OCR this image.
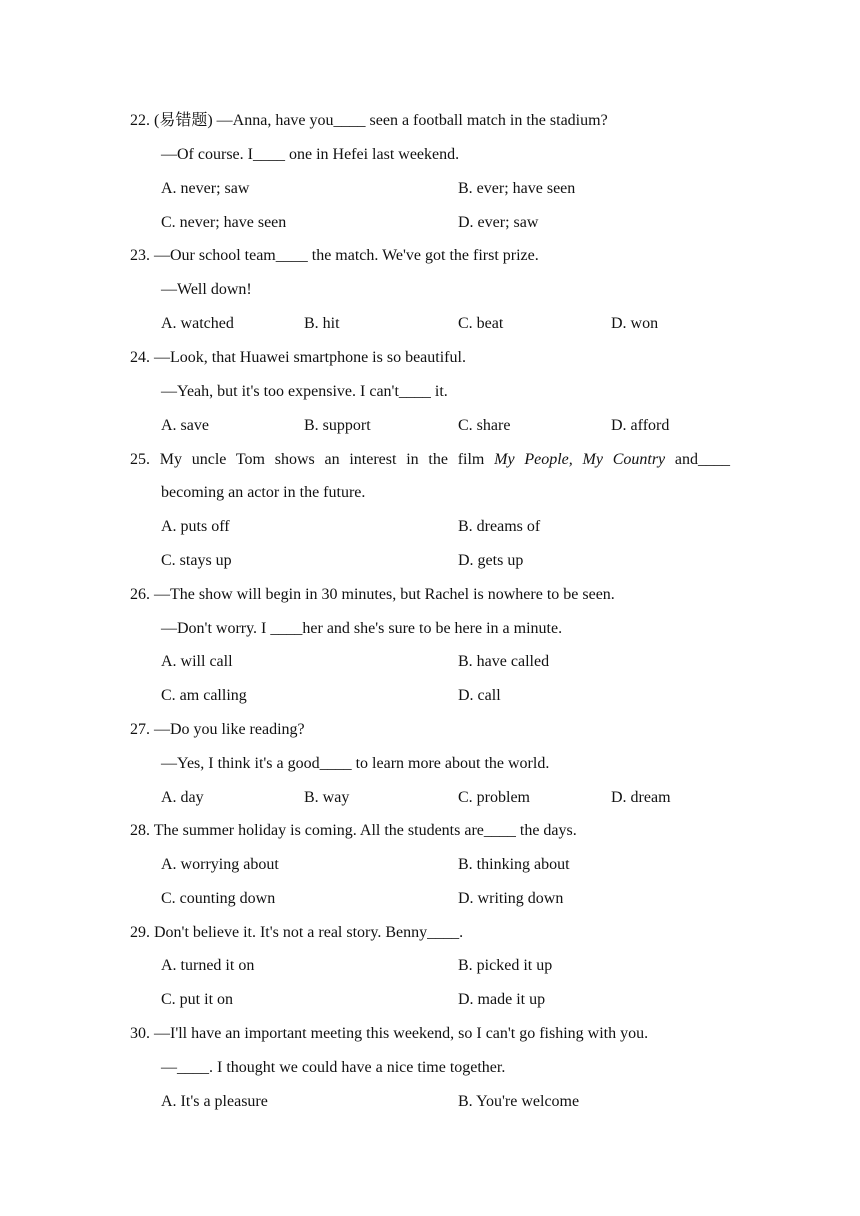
22. (易错题) —Anna, have you____ seen a football match in the stadium?
—Of course. I____ one in Hefei last weekend.
A. never; saw	B. ever; have seen
C. never; have seen	D. ever; saw
23. —Our school team____ the match. We've got the first prize.
—Well down!
A. watched	B. hit	C. beat	D. won
24. —Look, that Huawei smartphone is so beautiful.
—Yeah, but it's too expensive. I can't____ it.
A. save	B. support	C. share	D. afford
25. My uncle Tom shows an interest in the film My People, My Country and____
becoming an actor in the future.
A. puts off	B. dreams of
C. stays up	D. gets up
26. —The show will begin in 30 minutes, but Rachel is nowhere to be seen.
—Don't worry. I ____her and she's sure to be here in a minute.
A. will call	B. have called
C. am calling	D. call
27. —Do you like reading?
—Yes, I think it's a good____ to learn more about the world.
A. day	B. way	C. problem	D. dream
28. The summer holiday is coming. All the students are____ the days.
A. worrying about	B. thinking about
C. counting down	D. writing down
29. Don't believe it. It's not a real story. Benny____.
A. turned it on	B. picked it up
C. put it on	D. made it up
30. —I'll have an important meeting this weekend, so I can't go fishing with you.
—____. I thought we could have a nice time together.
A. It's a pleasure	B. You're welcome
